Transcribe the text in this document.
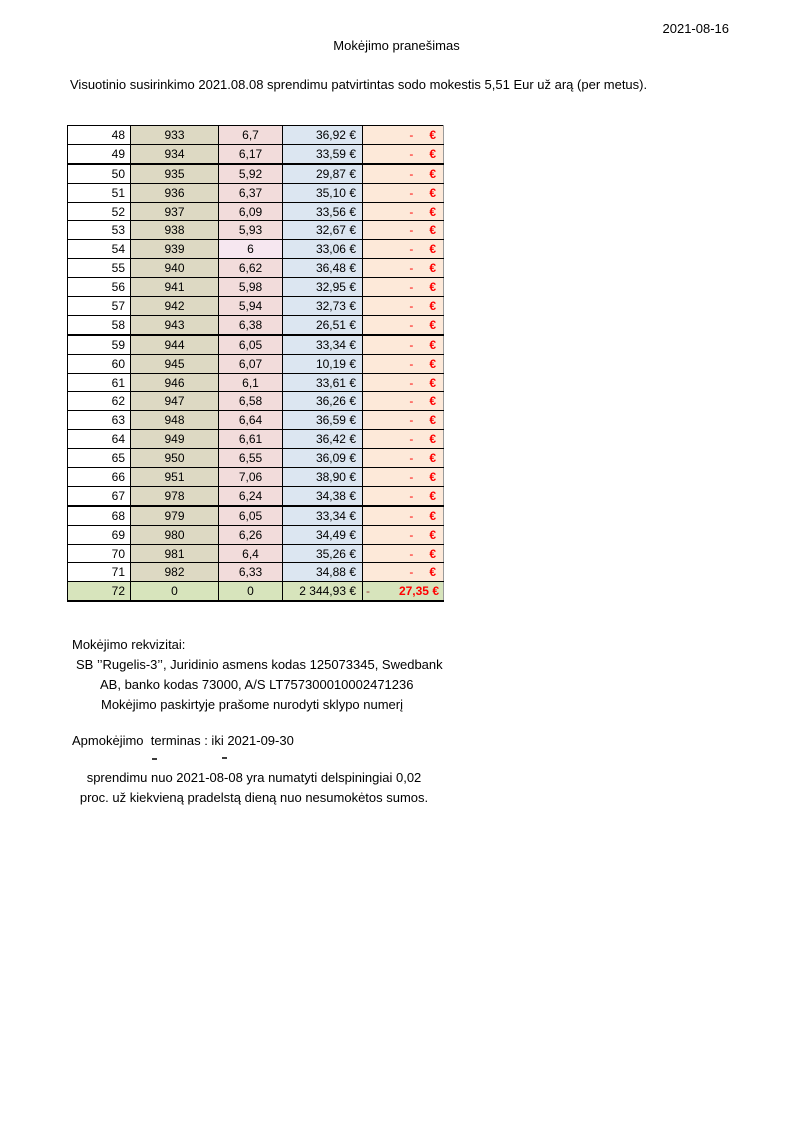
2021-08-16
Mokėjimo pranešimas
Visuotinio susirinkimo 2021.08.08 sprendimu patvirtintas sodo mokestis 5,51 Eur už arą (per metus).
48	933	6,7	36,92 €	- €

49	934	6,17	33,59 €	- €

50	935	5,92	29,87 €	- €

51	936	6,37	35,10 €	- €

52	937	6,09	33,56 €	- €

53	938	5,93	32,67 €	- €

54	939	6	33,06 €	- €

55	940	6,62	36,48 €	- €

56	941	5,98	32,95 €	- €

57	942	5,94	32,73 €	- €

58	943	6,38	26,51 €	- €

59	944	6,05	33,34 €	- €

60	945	6,07	10,19 €	- €

61	946	6,1	33,61 €	- €

62	947	6,58	36,26 €	- €

63	948	6,64	36,59 €	- €

64	949	6,61	36,42 €	- €

65	950	6,55	36,09 €	- €

66	951	7,06	38,90 €	- €

67	978	6,24	34,38 €	- €

68	979	6,05	33,34 €	- €

69	980	6,26	34,49 €	- €

70	981	6,4	35,26 €	- €

71	982	6,33	34,88 €	- €

72	0	0	2 344,93 €	- 27,35 €
Mokėjimo rekvizitai:
SB ’’Rugelis-3’’, Juridinio asmens kodas 125073345, Swedbank
AB, banko kodas 73000, A/S LT757300010002471236
Mokėjimo paskirtyje prašome nurodyti sklypo numerį
Apmokėjimo  terminas : iki 2021-09-30
sprendimu nuo 2021-08-08 yra numatyti delspiningiai 0,02
proc. už kiekvieną pradelstą dieną nuo nesumokėtos sumos.
